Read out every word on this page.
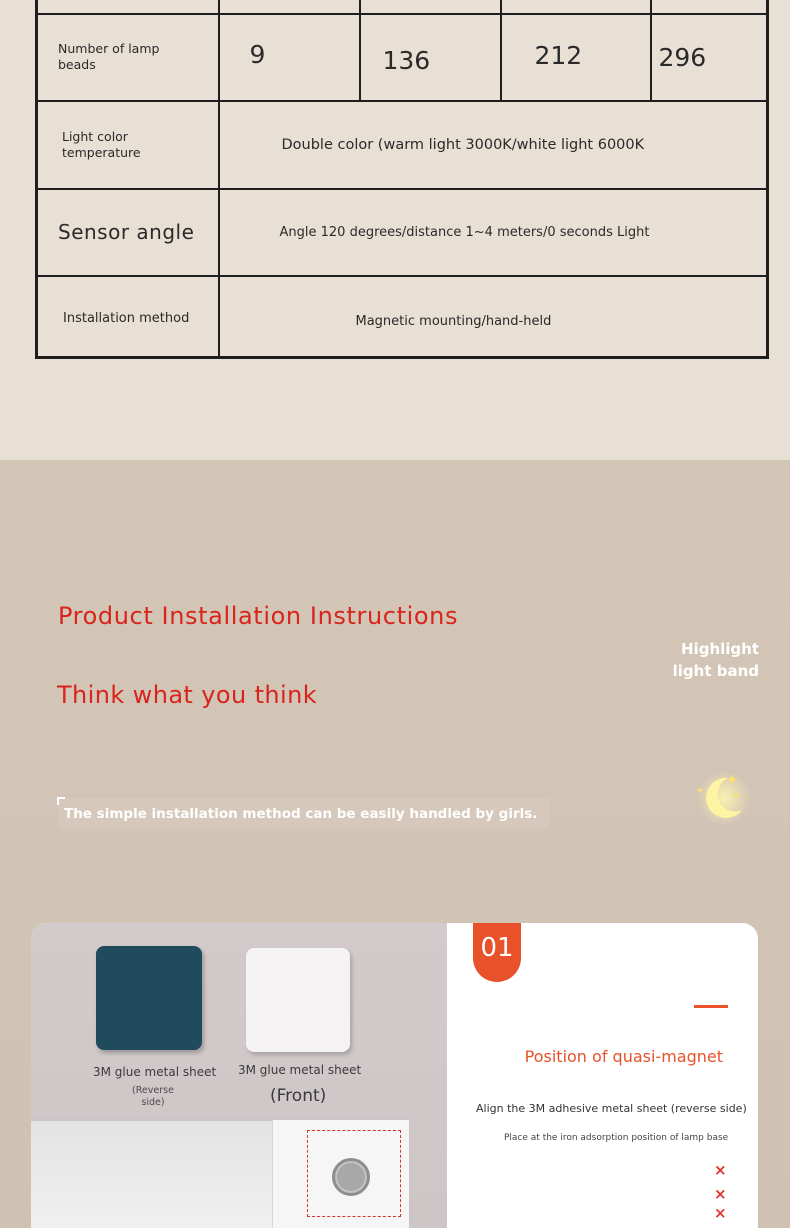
Number of lamp beads	9	136	212	296
Light color temperature	Double color (warm light 3000K/white light 6000K			
Sensor angle	Angle 120 degrees/distance 1~4 meters/0 seconds Light			
Installation method	Magnetic mounting/hand-held			
Product Installation Instructions
Think what you think
Highlight
light band
The simple installation method can be easily handled by girls.
3M glue metal sheet
(Reverse side)
3M glue metal sheet
(Front)
01
Position of quasi-magnet
Align the 3M adhesive metal sheet (reverse side)
Place at the iron adsorption position of lamp base
×
×
×
